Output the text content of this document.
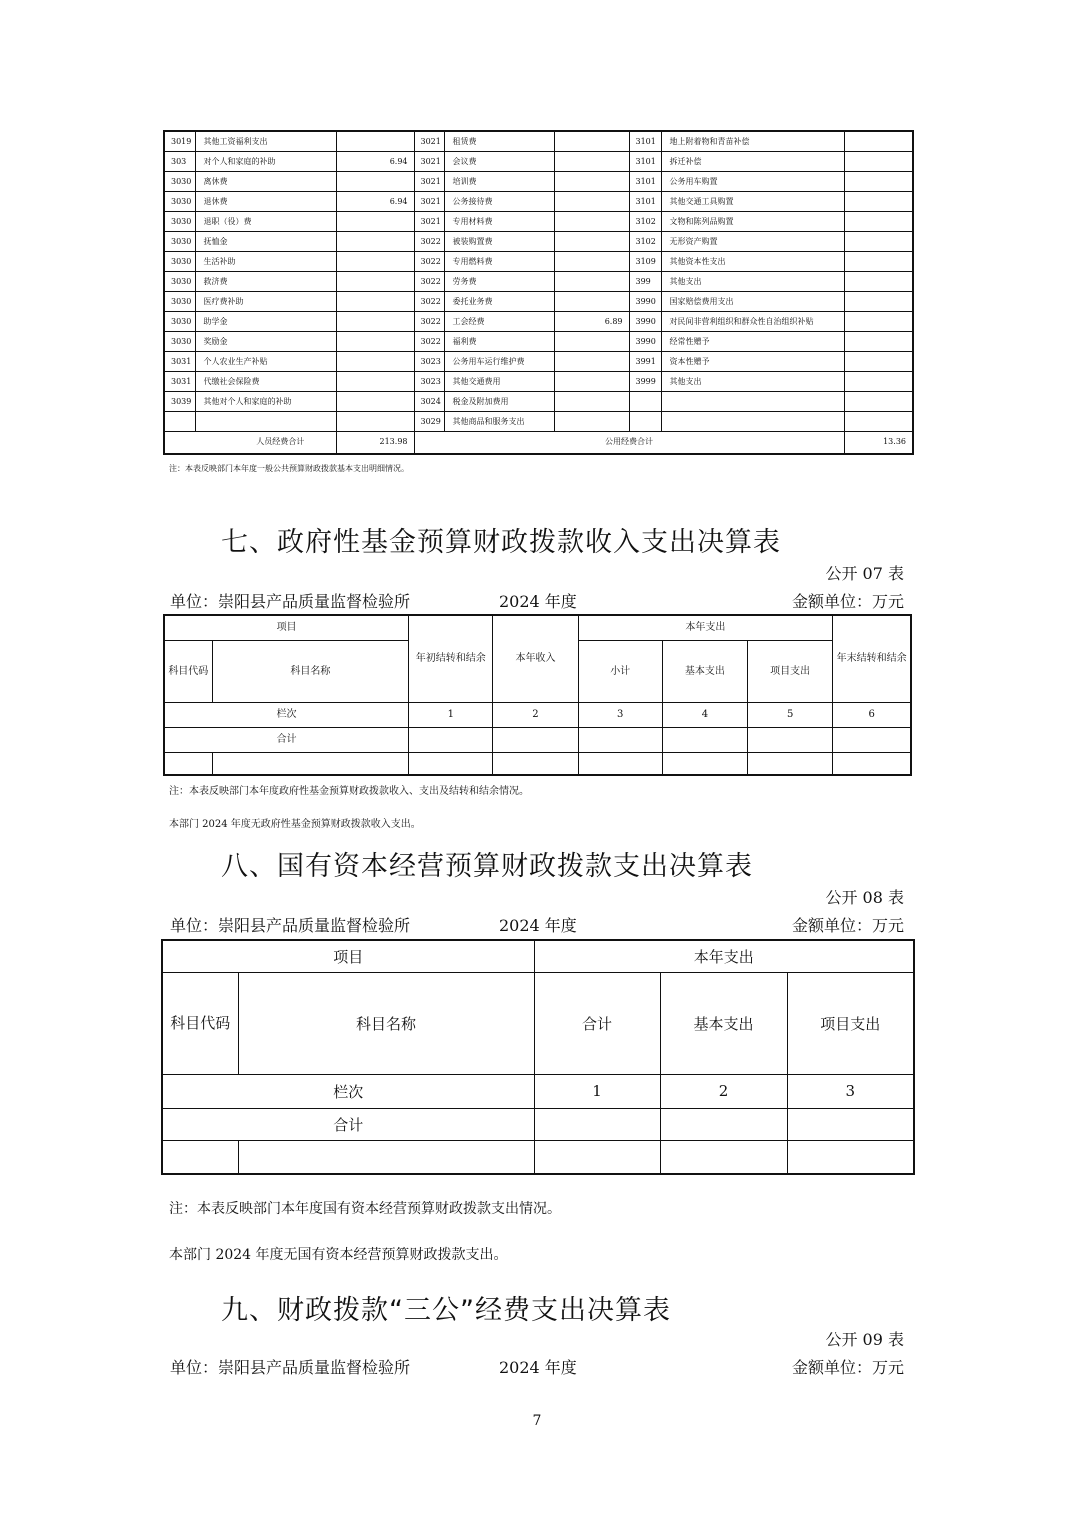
3019	其他工资福利支出		3021	租赁费		3101	地上附着物和青苗补偿	
303	对个人和家庭的补助	6.94	3021	会议费		3101	拆迁补偿	
3030	离休费		3021	培训费		3101	公务用车购置	
3030	退休费	6.94	3021	公务接待费		3101	其他交通工具购置	
3030	退职（役）费		3021	专用材料费		3102	文物和陈列品购置	
3030	抚恤金		3022	被装购置费		3102	无形资产购置	
3030	生活补助		3022	专用燃料费		3109	其他资本性支出	
3030	救济费		3022	劳务费		399	其他支出	
3030	医疗费补助		3022	委托业务费		3990	国家赔偿费用支出	
3030	助学金		3022	工会经费	6.89	3990	对民间非营利组织和群众性自治组织补贴	
3030	奖励金		3022	福利费		3990	经常性赠予	
3031	个人农业生产补贴		3023	公务用车运行维护费		3991	资本性赠予	
3031	代缴社会保险费		3023	其他交通费用		3999	其他支出	
3039	其他对个人和家庭的补助		3024	税金及附加费用				
			3029	其他商品和服务支出				
人员经费合计		213.98	公用经费合计					13.36
注：本表反映部门本年度一般公共预算财政拨款基本支出明细情况。
七、政府性基金预算财政拨款收入支出决算表
公开 07 表
单位：崇阳县产品质量监督检验所	2024 年度	金额单位：万元
项目		年初结转和结余	本年收入	本年支出			年末结转和结余
科目代码	科目名称			小计	基本支出	项目支出	
栏次		1	2	3	4	5	6
合计							

注：本表反映部门本年度政府性基金预算财政拨款收入、支出及结转和结余情况。
本部门 2024 年度无政府性基金预算财政拨款收入支出。
八、国有资本经营预算财政拨款支出决算表
公开 08 表
单位：崇阳县产品质量监督检验所	2024 年度	金额单位：万元
项目		本年支出		
科目代码	科目名称	合计	基本支出	项目支出
栏次		1	2	3
合计				

注：本表反映部门本年度国有资本经营预算财政拨款支出情况。
本部门 2024 年度无国有资本经营预算财政拨款支出。
九、财政拨款“三公”经费支出决算表
公开 09 表
单位：崇阳县产品质量监督检验所	2024 年度	金额单位：万元
7
